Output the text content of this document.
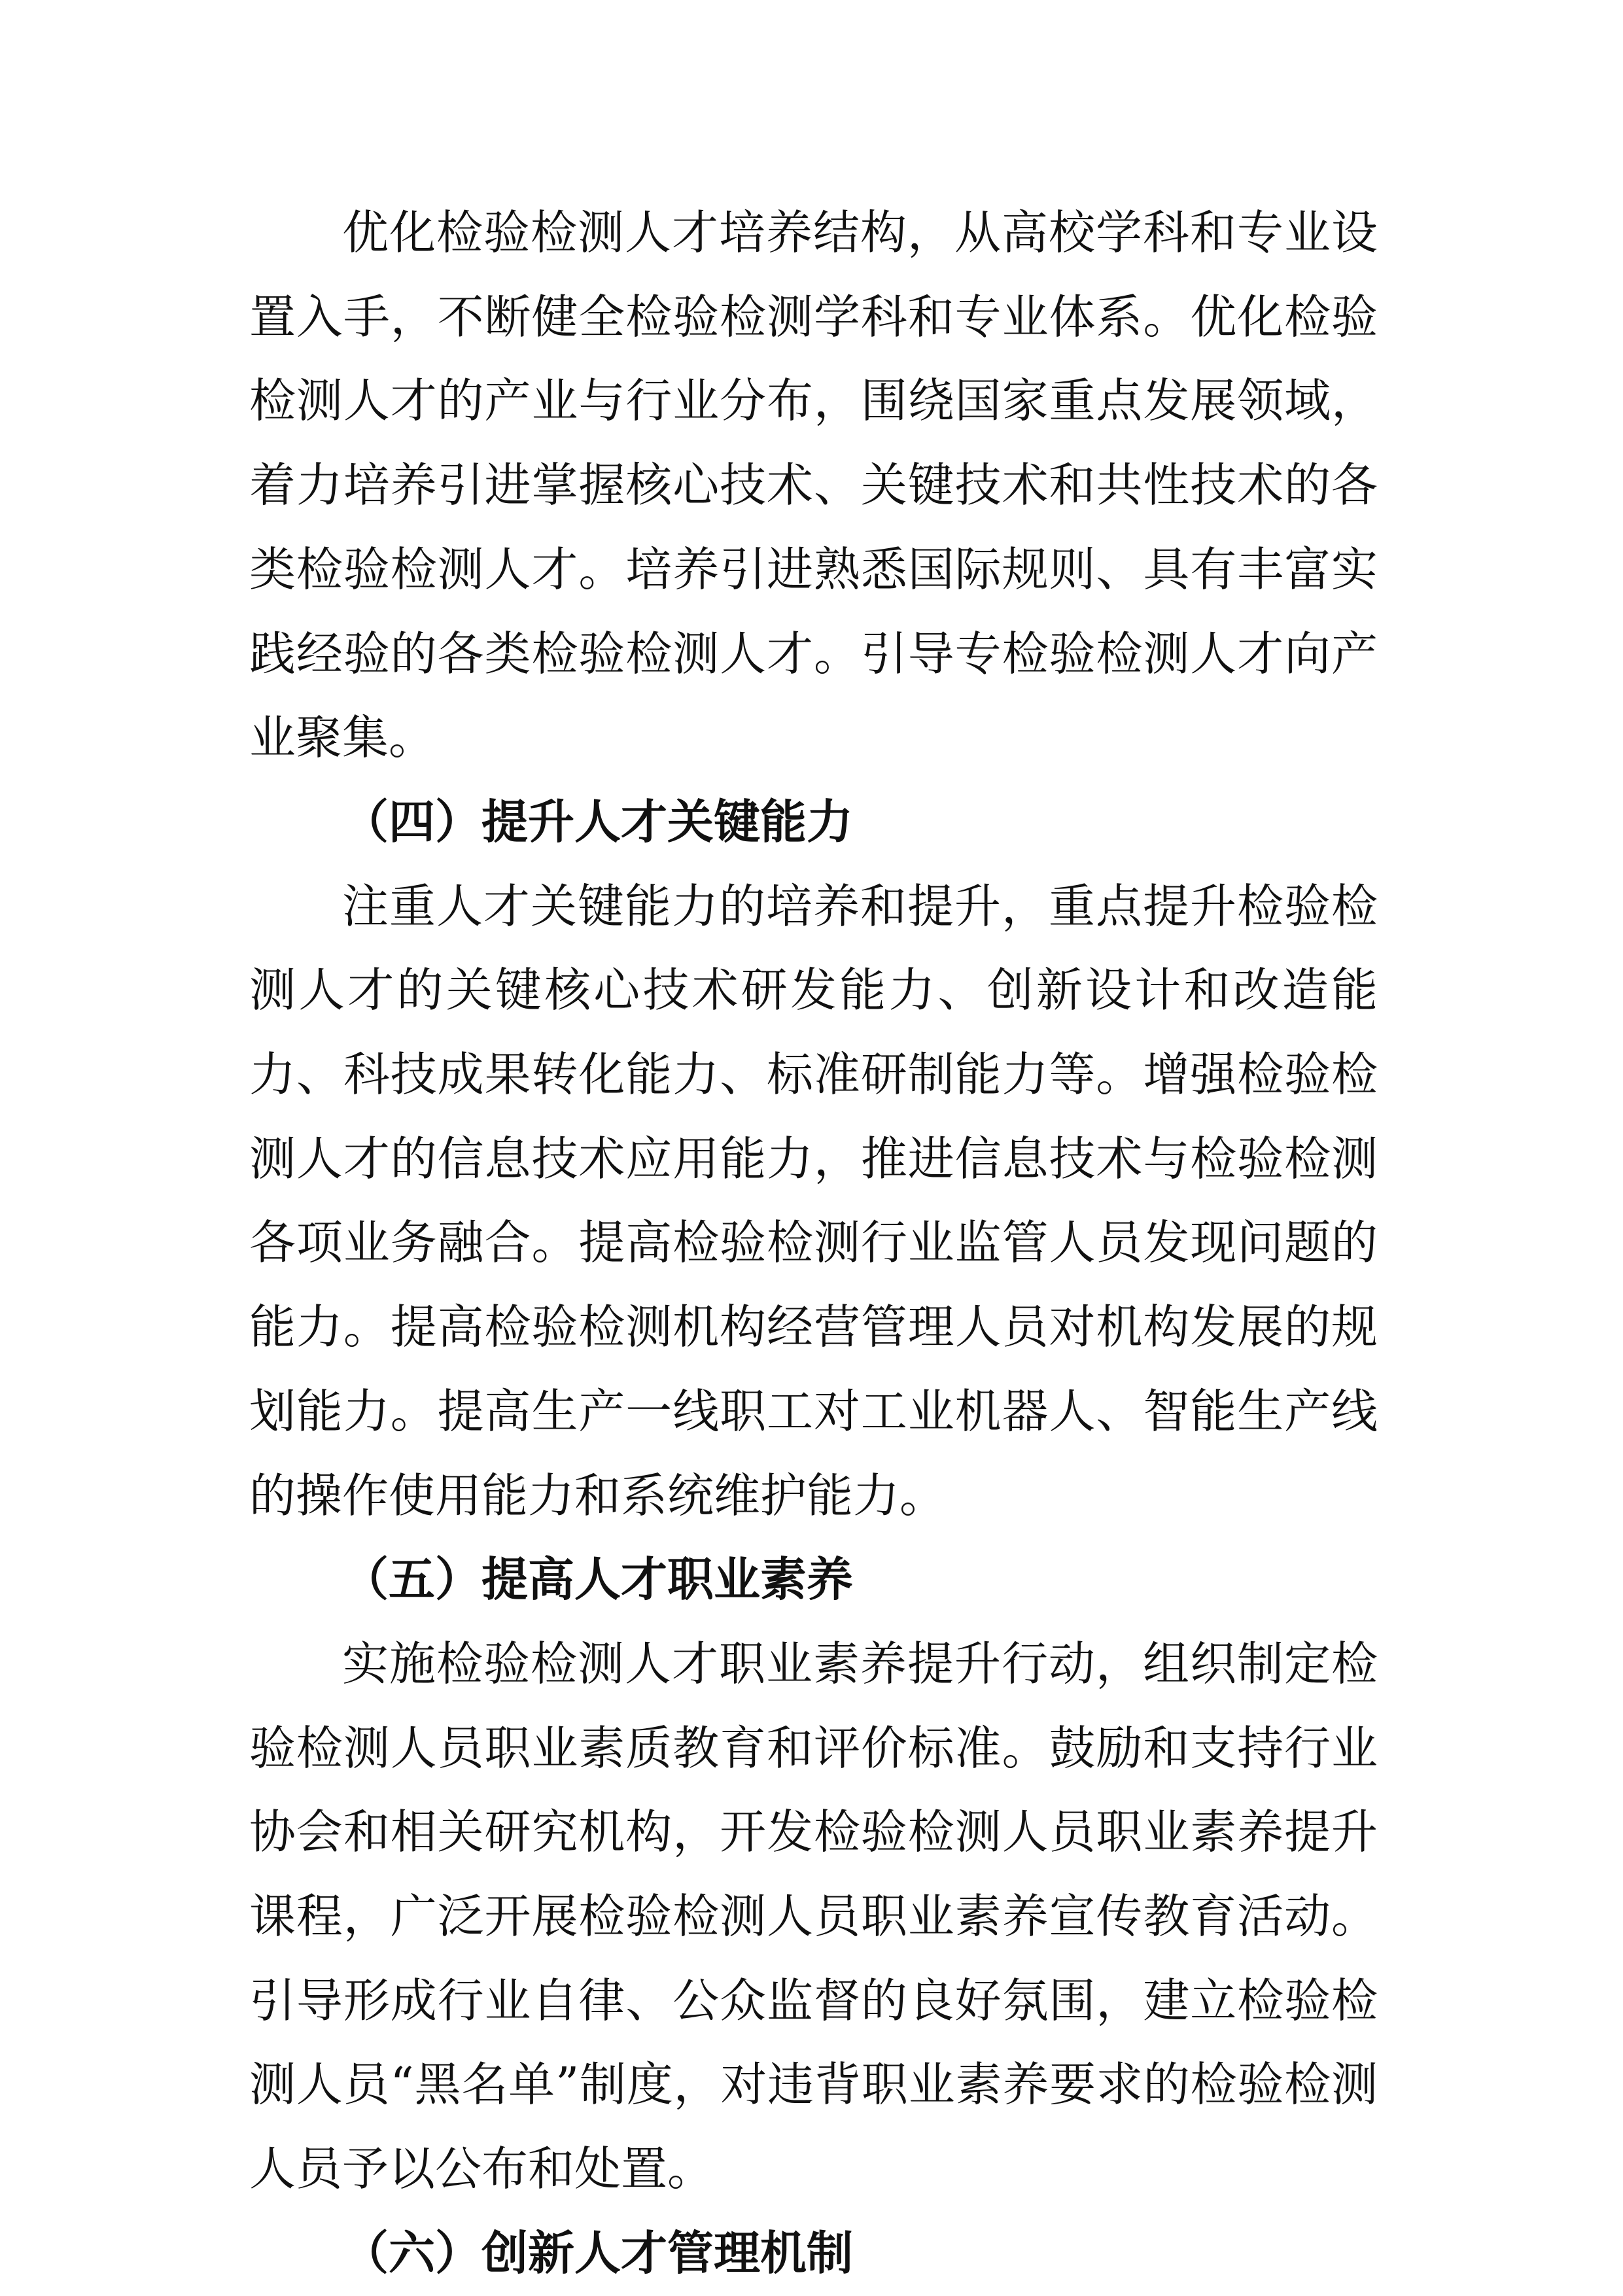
优化检验检测人才培养结构，从高校学科和专业设置入手，不断健全检验检测学科和专业体系。优化检验检测人才的产业与行业分布，围绕国家重点发展领域，着力培养引进掌握核心技术、关键技术和共性技术的各类检验检测人才。培养引进熟悉国际规则、具有丰富实践经验的各类检验检测人才。引导专检验检测人才向产业聚集。

（四）提升人才关键能力

注重人才关键能力的培养和提升，重点提升检验检测人才的关键核心技术研发能力、创新设计和改造能力、科技成果转化能力、标准研制能力等。增强检验检测人才的信息技术应用能力，推进信息技术与检验检测各项业务融合。提高检验检测行业监管人员发现问题的能力。提高检验检测机构经营管理人员对机构发展的规划能力。提高生产一线职工对工业机器人、智能生产线的操作使用能力和系统维护能力。

（五）提高人才职业素养

实施检验检测人才职业素养提升行动，组织制定检验检测人员职业素质教育和评价标准。鼓励和支持行业协会和相关研究机构，开发检验检测人员职业素养提升课程，广泛开展检验检测人员职业素养宣传教育活动。引导形成行业自律、公众监督的良好氛围，建立检验检测人员“黑名单”制度，对违背职业素养要求的检验检测人员予以公布和处置。

（六）创新人才管理机制
